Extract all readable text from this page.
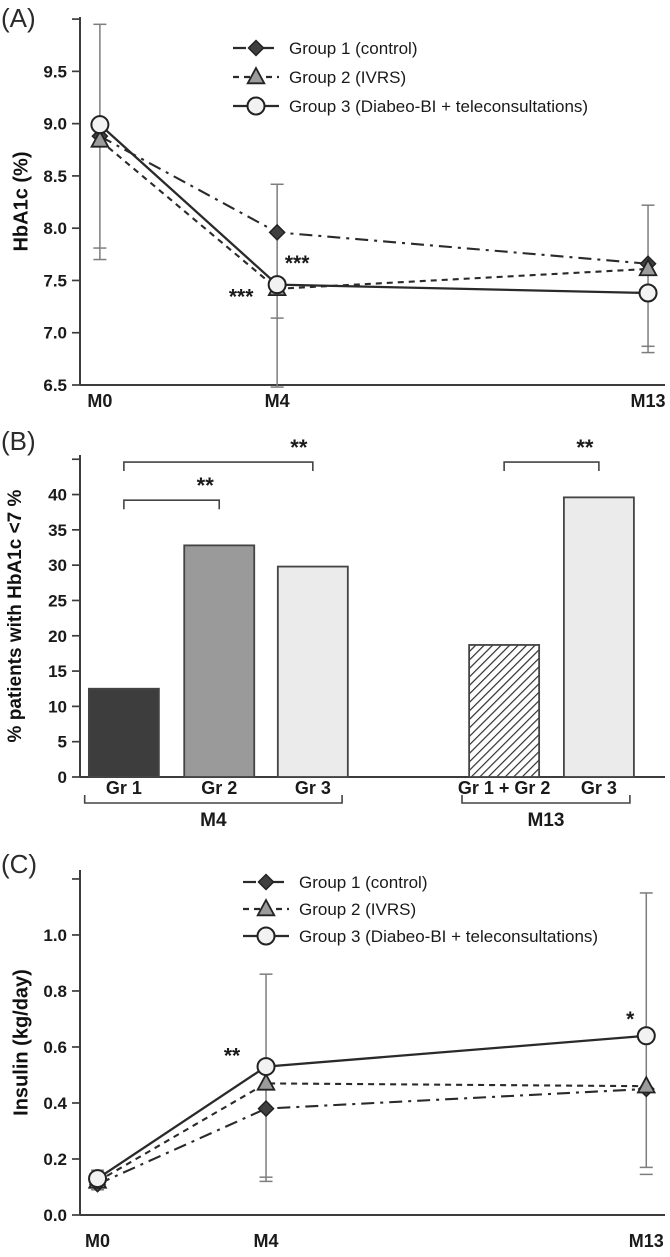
6.5
7.0
7.5
8.0
8.5
9.0
9.5
M0	M4	M13
Group 1 (control)
Group 2 (IVRS)
Group 3 (Diabeo-BI + teleconsultations)
***
***
0
5
10
15
20
25
30
35
40
Gr 1	Gr 2	Gr 3	Gr 1 + Gr 2 Gr 3
**
**	**
M4	M13
0.0
0.2
0.4
0.6
0.8
1.0
M0	M4	M13
Group 1 (control)
Group 2 (IVRS)
Group 3 (Diabeo-BI + teleconsultations)
**
*
(A)
(B)
(C)
HbA1c (%)
% patients with HbA1c <7 %
Insulin (kg/day)
